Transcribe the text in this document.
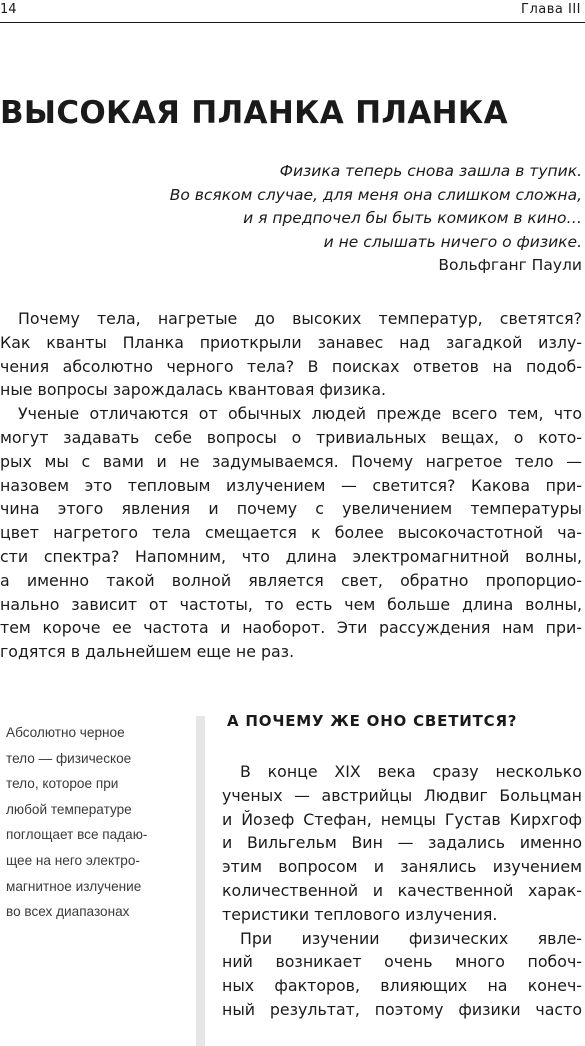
14	Глава III
ВЫСОКАЯ ПЛАНКА ПЛАНКА
Физика теперь снова зашла в тупик.
Во всяком случае, для меня она слишком сложна,
и я предпочел бы быть комиком в кино…
и не слышать ничего о физике.
Вольфганг Паули
Почему тела, нагретые до высоких температур, светятся?
Как кванты Планка приоткрыли занавес над загадкой излу-
чения абсолютно черного тела? В поисках ответов на подоб-
ные вопросы зарождалась квантовая физика.
Ученые отличаются от обычных людей прежде всего тем, что
могут задавать себе вопросы о тривиальных вещах, о кото-
рых мы с вами и не задумываемся. Почему нагретое тело —
назовем это тепловым излучением — светится? Какова при-
чина этого явления и почему с увеличением температуры
цвет нагретого тела смещается к более высокочастотной ча-
сти спектра? Напомним, что длина электромагнитной волны,
а именно такой волной является свет, обратно пропорцио-
нально зависит от частоты, то есть чем больше длина волны,
тем короче ее частота и наоборот. Эти рассуждения нам при-
годятся в дальнейшем еще не раз.
Абсолютно черное
тело — физическое
тело, которое при
любой температуре
поглощает все падаю-
щее на него электро-
магнитное излучение
во всех диапазонах
А ПОЧЕМУ ЖЕ ОНО СВЕТИТСЯ?
В конце XIX века сразу несколько
ученых — австрийцы Людвиг Больцман
и Йозеф Стефан, немцы Густав Кирхгоф
и Вильгельм Вин — задались именно
этим вопросом и занялись изучением
количественной и качественной харак-
теристики теплового излучения.
При изучении физических явле-
ний возникает очень много побоч-
ных факторов, влияющих на конеч-
ный результат, поэтому физики часто
